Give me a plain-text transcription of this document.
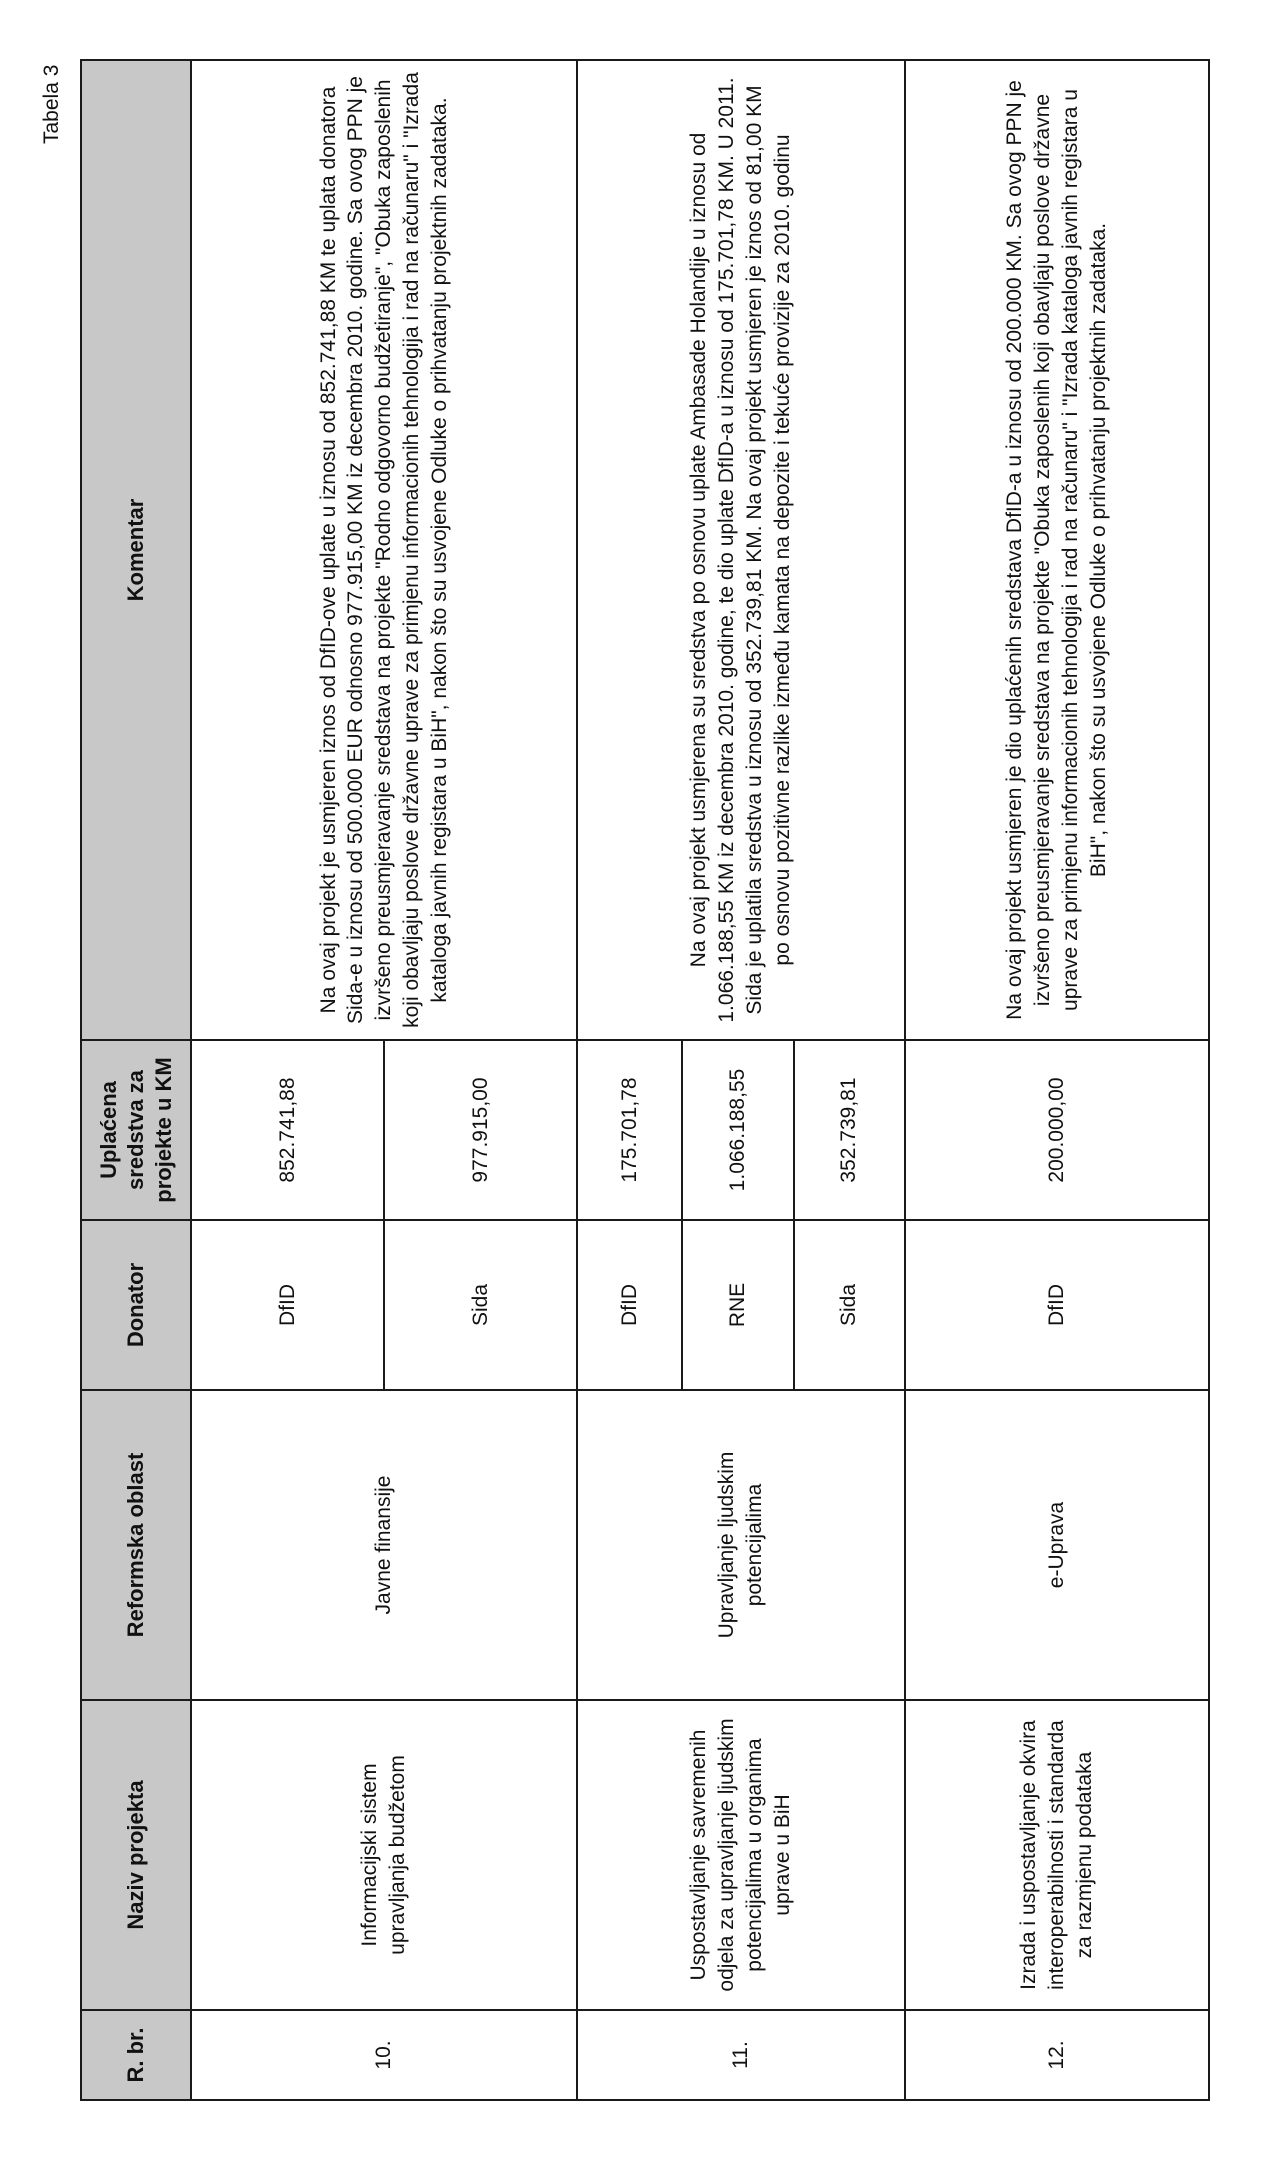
Tabela 3
R. br.	Naziv projekta	Reformska oblast	Donator	Uplaćena sredstva za projekte u KM	Komentar
10.	Informacijski sistem upravljanja budžetom	Javne finansije	DfID	852.741,88	Na ovaj projekt je usmjeren iznos od DfID-ove uplate u iznosu od 852.741,88 KM te uplata donatora Sida-e u iznosu od 500.000 EUR odnosno 977.915,00 KM iz decembra 2010. godine. Sa ovog PPN je izvršeno preusmjeravanje sredstava na projekte "Rodno odgovorno budžetiranje", "Obuka zaposlenih koji obavljaju poslove državne uprave za primjenu informacionih tehnologija i rad na računaru" i "Izrada kataloga javnih registara u BiH", nakon što su usvojene Odluke o prihvatanju projektnih zadataka.
			Sida	977.915,00	
11.	Uspostavljanje savremenih odjela za upravljanje ljudskim potencijalima u organima uprave u BiH	Upravljanje ljudskim potencijalima	DfID	175.701,78	Na ovaj projekt usmjerena su sredstva po osnovu uplate Ambasade Holandije u iznosu od 1.066.188,55 KM iz decembra 2010. godine, te dio uplate DfID-a u iznosu od 175.701,78 KM. U 2011. Sida je uplatila sredstva u iznosu od 352.739,81 KM. Na ovaj projekt usmjeren je iznos od 81,00 KM po osnovu pozitivne razlike između kamata na depozite i tekuće provizije za 2010. godinu
			RNE	1.066.188,55	
			Sida	352.739,81	
12.	Izrada i uspostavljanje okvira interoperabilnosti i standarda za razmjenu podataka	e-Uprava	DfID	200.000,00	Na ovaj projekt usmjeren je dio uplaćenih sredstava DfID-a u iznosu od 200.000 KM. Sa ovog PPN je izvršeno preusmjeravanje sredstava na projekte "Obuka zaposlenih koji obavljaju poslove državne uprave za primjenu informacionih tehnologija i rad na računaru" i "Izrada kataloga javnih registara u BiH", nakon što su usvojene Odluke o prihvatanju projektnih zadataka.
